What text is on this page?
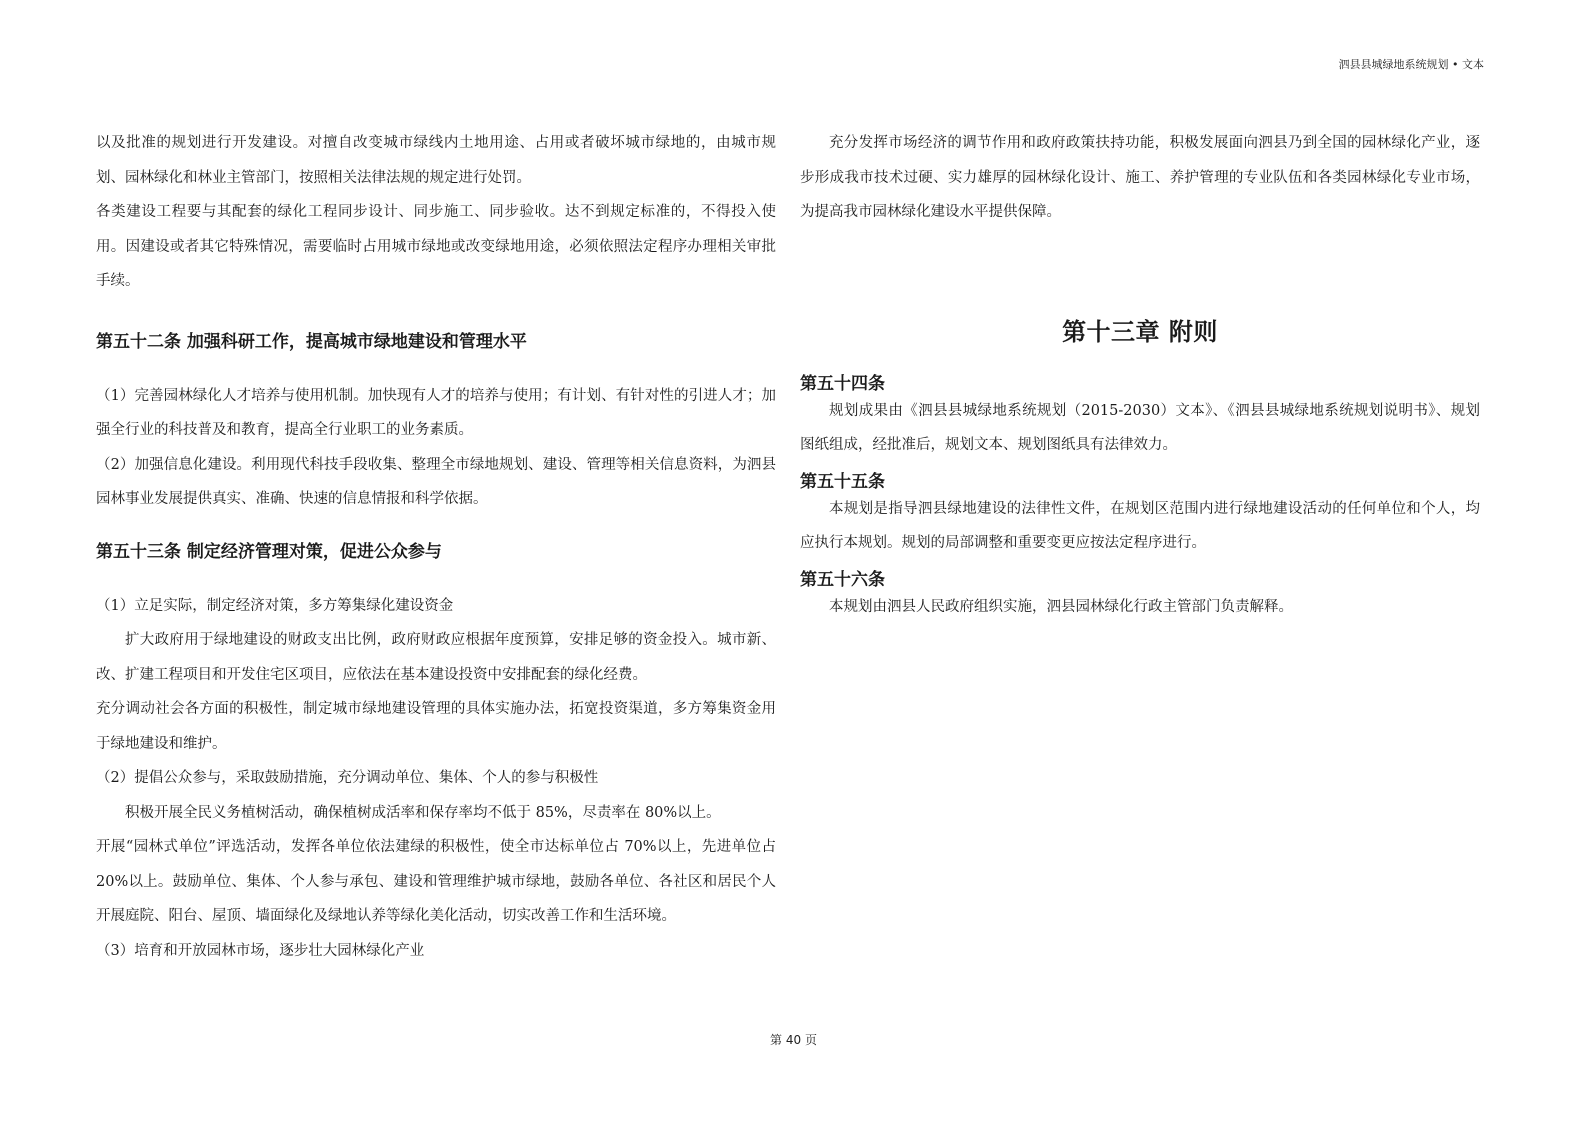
泗县县城绿地系统规划 • 文本

以及批准的规划进行开发建设。对擅自改变城市绿线内土地用途、占用或者破坏城市绿地的，由城市规划、园林绿化和林业主管部门，按照相关法律法规的规定进行处罚。

各类建设工程要与其配套的绿化工程同步设计、同步施工、同步验收。达不到规定标准的，不得投入使用。因建设或者其它特殊情况，需要临时占用城市绿地或改变绿地用途，必须依照法定程序办理相关审批手续。

第五十二条 加强科研工作，提高城市绿地建设和管理水平

（1）完善园林绿化人才培养与使用机制。加快现有人才的培养与使用；有计划、有针对性的引进人才；加强全行业的科技普及和教育，提高全行业职工的业务素质。

（2）加强信息化建设。利用现代科技手段收集、整理全市绿地规划、建设、管理等相关信息资料，为泗县园林事业发展提供真实、准确、快速的信息情报和科学依据。

第五十三条 制定经济管理对策，促进公众参与

（1）立足实际，制定经济对策，多方筹集绿化建设资金

扩大政府用于绿地建设的财政支出比例，政府财政应根据年度预算，安排足够的资金投入。城市新、改、扩建工程项目和开发住宅区项目，应依法在基本建设投资中安排配套的绿化经费。

充分调动社会各方面的积极性，制定城市绿地建设管理的具体实施办法，拓宽投资渠道，多方筹集资金用于绿地建设和维护。

（2）提倡公众参与，采取鼓励措施，充分调动单位、集体、个人的参与积极性

积极开展全民义务植树活动，确保植树成活率和保存率均不低于 85%，尽责率在 80%以上。

开展“园林式单位”评选活动，发挥各单位依法建绿的积极性，使全市达标单位占 70%以上，先进单位占 20%以上。鼓励单位、集体、个人参与承包、建设和管理维护城市绿地，鼓励各单位、各社区和居民个人开展庭院、阳台、屋顶、墙面绿化及绿地认养等绿化美化活动，切实改善工作和生活环境。

（3）培育和开放园林市场，逐步壮大园林绿化产业

充分发挥市场经济的调节作用和政府政策扶持功能，积极发展面向泗县乃到全国的园林绿化产业，逐步形成我市技术过硬、实力雄厚的园林绿化设计、施工、养护管理的专业队伍和各类园林绿化专业市场，为提高我市园林绿化建设水平提供保障。

第十三章 附则
第五十四条

规划成果由《泗县县城绿地系统规划（2015-2030）文本》、《泗县县城绿地系统规划说明书》、规划图纸组成，经批准后，规划文本、规划图纸具有法律效力。

第五十五条

本规划是指导泗县绿地建设的法律性文件，在规划区范围内进行绿地建设活动的任何单位和个人，均应执行本规划。规划的局部调整和重要变更应按法定程序进行。

第五十六条

本规划由泗县人民政府组织实施，泗县园林绿化行政主管部门负责解释。

第 40 页
